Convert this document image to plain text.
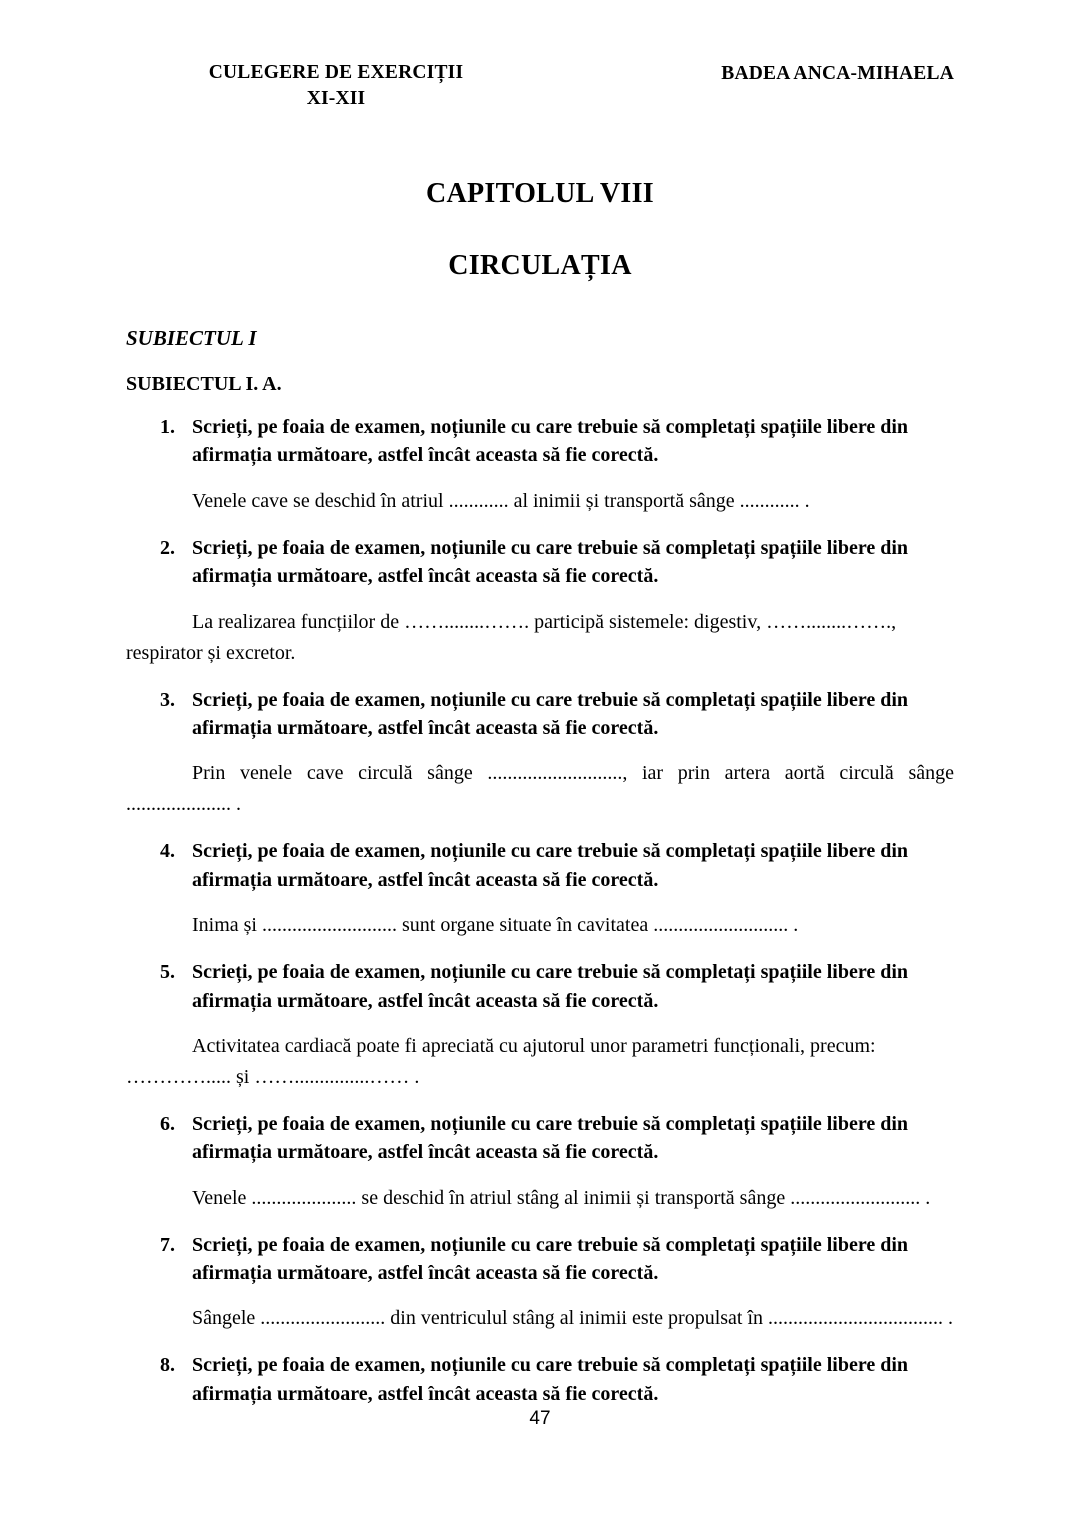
CULEGERE DE EXERCIȚII
XI-XII
BADEA ANCA-MIHAELA
CAPITOLUL VIII
CIRCULAȚIA

SUBIECTUL I

SUBIECTUL I. A.

1. Scrieți, pe foaia de examen, noțiunile cu care trebuie să completați spațiile libere din afirmația următoare, astfel încât aceasta să fie corectă.

Venele cave se deschid în atriul ............ al inimii și transportă sânge ............ .

2. Scrieți, pe foaia de examen, noțiunile cu care trebuie să completați spațiile libere din afirmația următoare, astfel încât aceasta să fie corectă.

La realizarea funcțiilor de ……........……. participă sistemele: digestiv, ……........……., respirator și excretor.

3. Scrieți, pe foaia de examen, noțiunile cu care trebuie să completați spațiile libere din afirmația următoare, astfel încât aceasta să fie corectă.

Prin venele cave circulă sânge ..........................., iar prin artera aortă circulă sânge ..................... .

4. Scrieți, pe foaia de examen, noțiunile cu care trebuie să completați spațiile libere din afirmația următoare, astfel încât aceasta să fie corectă.

Inima și ........................... sunt organe situate în cavitatea ........................... .

5. Scrieți, pe foaia de examen, noțiunile cu care trebuie să completați spațiile libere din afirmația următoare, astfel încât aceasta să fie corectă.

Activitatea cardiacă poate fi apreciată cu ajutorul unor parametri funcționali, precum: …………..... și ……...............…… .

6. Scrieți, pe foaia de examen, noțiunile cu care trebuie să completați spațiile libere din afirmația următoare, astfel încât aceasta să fie corectă.

Venele ..................... se deschid în atriul stâng al inimii și transportă sânge .......................... .

7. Scrieți, pe foaia de examen, noțiunile cu care trebuie să completați spațiile libere din afirmația următoare, astfel încât aceasta să fie corectă.

Sângele ......................... din ventriculul stâng al inimii este propulsat în ................................... .

8. Scrieți, pe foaia de examen, noțiunile cu care trebuie să completați spațiile libere din afirmația următoare, astfel încât aceasta să fie corectă.

47
